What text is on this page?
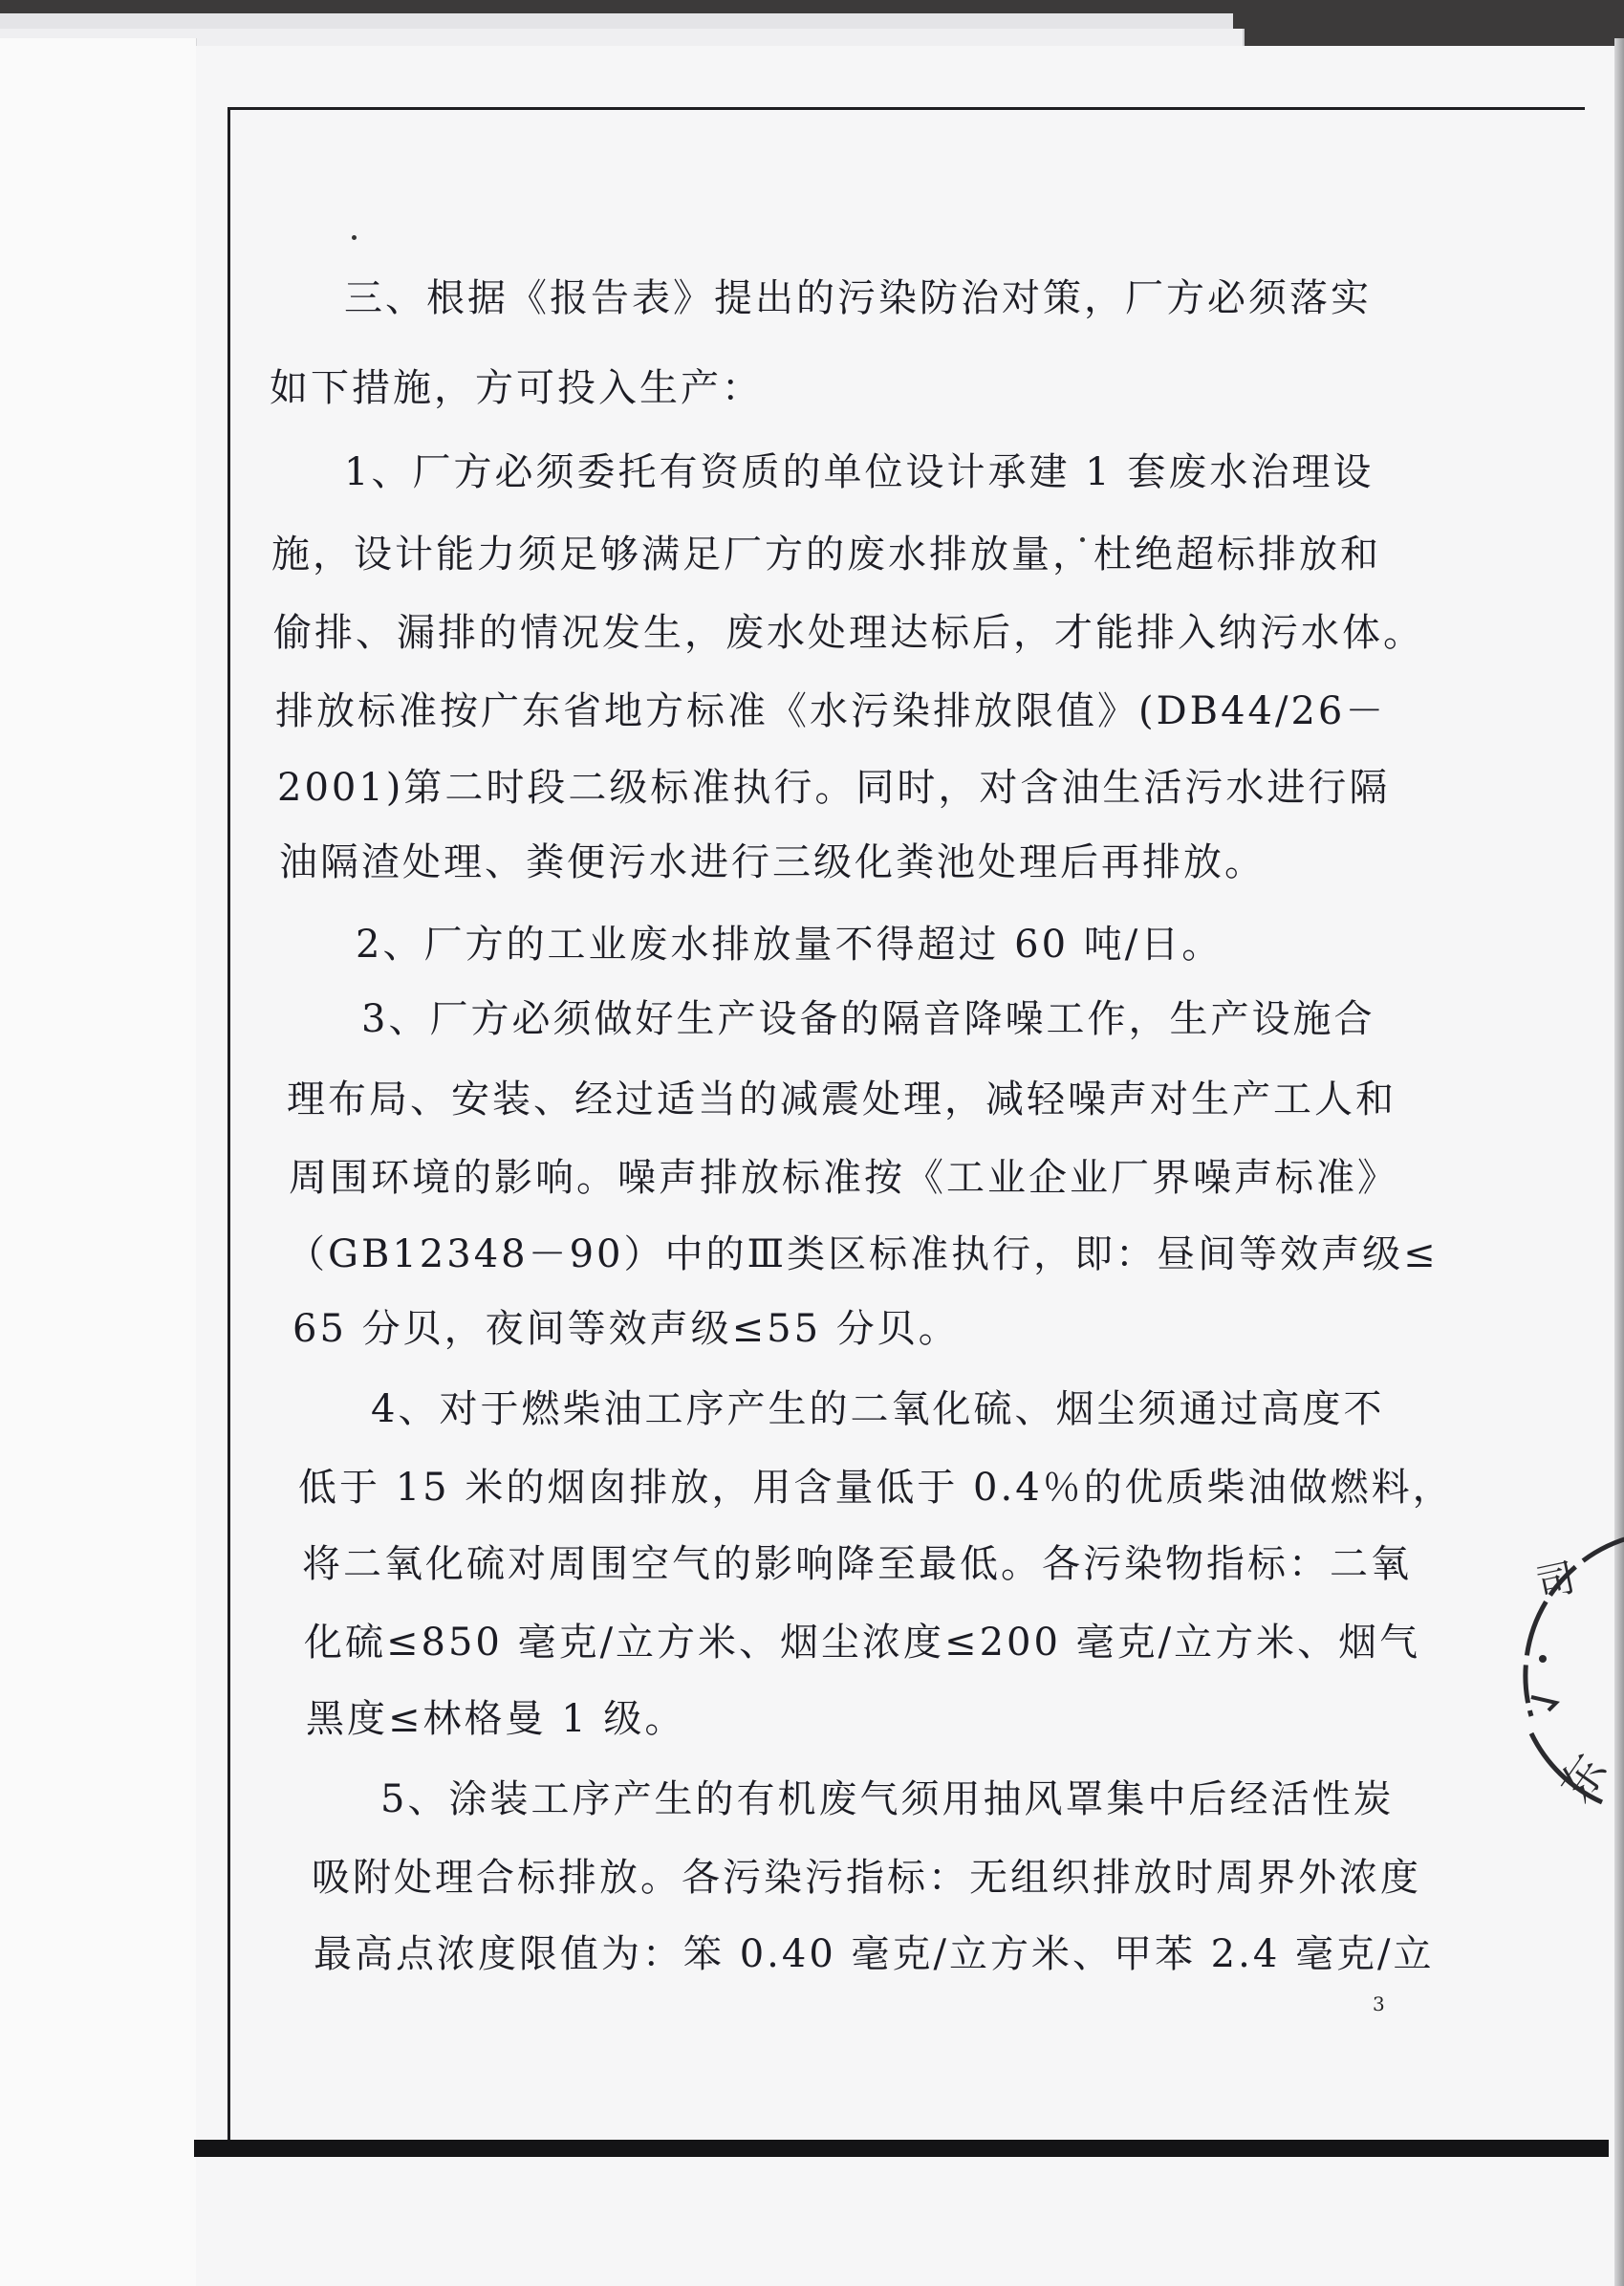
三、根据《报告表》提出的污染防治对策，厂方必须落实
如下措施，方可投入生产：
1、厂方必须委托有资质的单位设计承建 1 套废水治理设
施，设计能力须足够满足厂方的废水排放量，杜绝超标排放和
偷排、漏排的情况发生，废水处理达标后，才能排入纳污水体。
排放标准按广东省地方标准《水污染排放限值》(DB44/26－
2001)第二时段二级标准执行。同时，对含油生活污水进行隔
油隔渣处理、粪便污水进行三级化粪池处理后再排放。
2、厂方的工业废水排放量不得超过 60 吨/日。
3、厂方必须做好生产设备的隔音降噪工作，生产设施合
理布局、安装、经过适当的减震处理，减轻噪声对生产工人和
周围环境的影响。噪声排放标准按《工业企业厂界噪声标准》
（GB12348－90）中的Ⅲ类区标准执行，即：昼间等效声级≤
65 分贝，夜间等效声级≤55 分贝。
4、对于燃柴油工序产生的二氧化硫、烟尘须通过高度不
低于 15 米的烟囱排放，用含量低于 0.4％的优质柴油做燃料，
将二氧化硫对周围空气的影响降至最低。各污染物指标：二氧
化硫≤850 毫克/立方米、烟尘浓度≤200 毫克/立方米、烟气
黑度≤林格曼 1 级。
5、涂装工序产生的有机废气须用抽风罩集中后经活性炭
吸附处理合标排放。各污染污指标：无组织排放时周界外浓度
最高点浓度限值为：笨 0.40 毫克/立方米、甲苯 2.4 毫克/立
3
司
东
